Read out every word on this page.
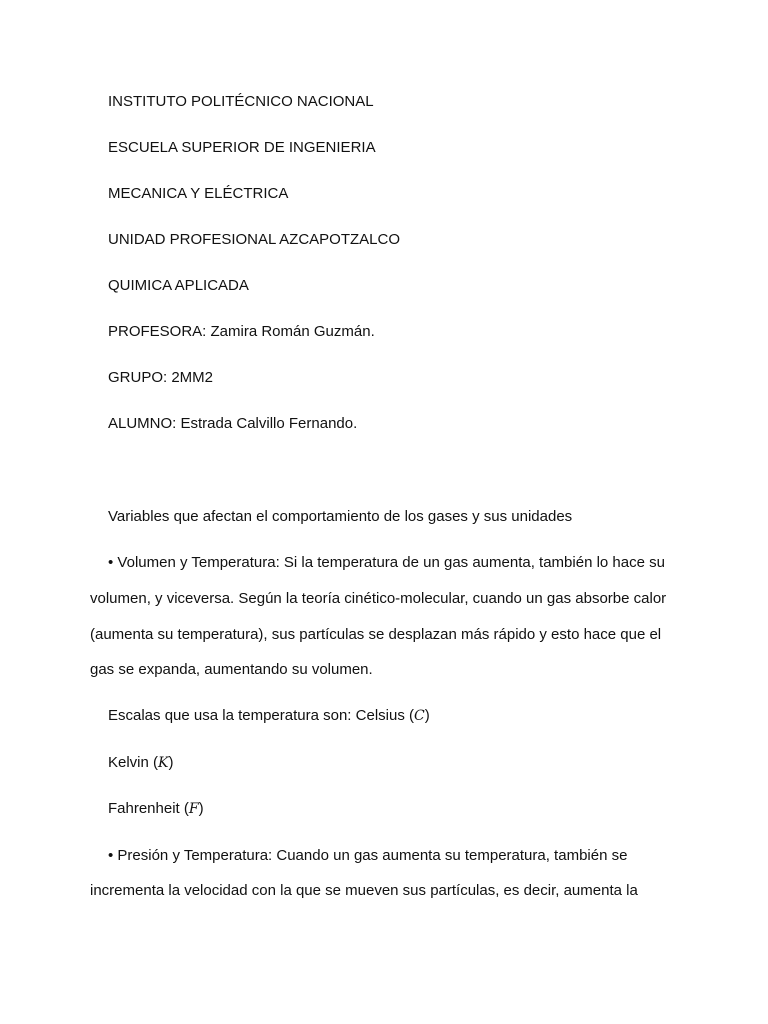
INSTITUTO POLITÉCNICO NACIONAL
ESCUELA SUPERIOR DE INGENIERIA
MECANICA Y ELÉCTRICA
UNIDAD PROFESIONAL AZCAPOTZALCO
QUIMICA APLICADA
PROFESORA: Zamira Román Guzmán.
GRUPO: 2MM2
ALUMNO: Estrada Calvillo Fernando.
Variables que afectan el comportamiento de los gases y sus unidades
• Volumen y Temperatura: Si la temperatura de un gas aumenta, también lo hace su
volumen, y viceversa. Según la teoría cinético-molecular, cuando un gas absorbe calor
(aumenta su temperatura), sus partículas se desplazan más rápido y esto hace que el
gas se expanda, aumentando su volumen.
Escalas que usa la temperatura son: Celsius (C)
Kelvin (K)
Fahrenheit (F)
• Presión y Temperatura: Cuando un gas aumenta su temperatura, también se
incrementa la velocidad con la que se mueven sus partículas, es decir, aumenta la
